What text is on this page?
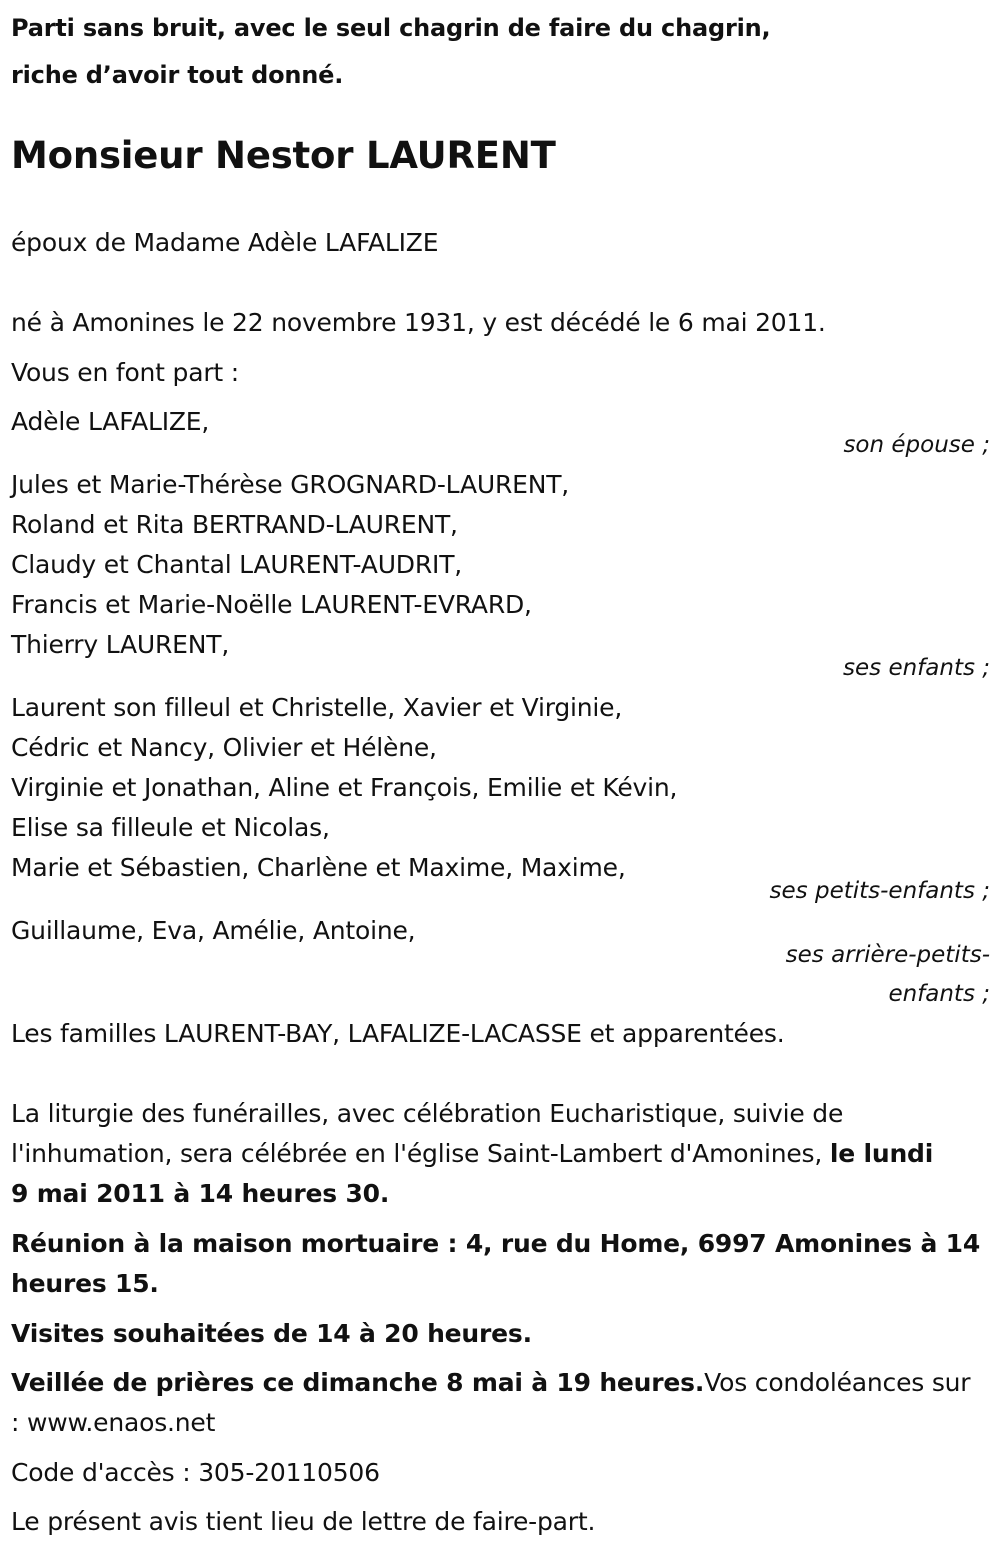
Parti sans bruit, avec le seul chagrin de faire du chagrin,
riche d’avoir tout donné.
Monsieur Nestor LAURENT
époux de Madame Adèle LAFALIZE
né à Amonines le 22 novembre 1931, y est décédé le 6 mai 2011.
Vous en font part :
Adèle LAFALIZE,
son épouse ;
Jules et Marie-Thérèse GROGNARD-LAURENT,
Roland et Rita BERTRAND-LAURENT,
Claudy et Chantal LAURENT-AUDRIT,
Francis et Marie-Noëlle LAURENT-EVRARD,
Thierry LAURENT,
ses enfants ;
Laurent son filleul et Christelle, Xavier et Virginie,
Cédric et Nancy, Olivier et Hélène,
Virginie et Jonathan, Aline et François, Emilie et Kévin,
Elise sa filleule et Nicolas,
Marie et Sébastien, Charlène et Maxime, Maxime,
ses petits-enfants ;
Guillaume, Eva, Amélie, Antoine,
ses arrière-petits-
enfants ;
Les familles LAURENT-BAY, LAFALIZE-LACASSE et apparentées.
La liturgie des funérailles, avec célébration Eucharistique, suivie de
l'inhumation, sera célébrée en l'église Saint-Lambert d'Amonines, le lundi
9 mai 2011 à 14 heures 30.
Réunion à la maison mortuaire : 4, rue du Home, 6997 Amonines à 14
heures 15.
Visites souhaitées de 14 à 20 heures.
Veillée de prières ce dimanche 8 mai à 19 heures.Vos condoléances sur
: www.enaos.net
Code d'accès : 305-20110506
Le présent avis tient lieu de lettre de faire-part.
